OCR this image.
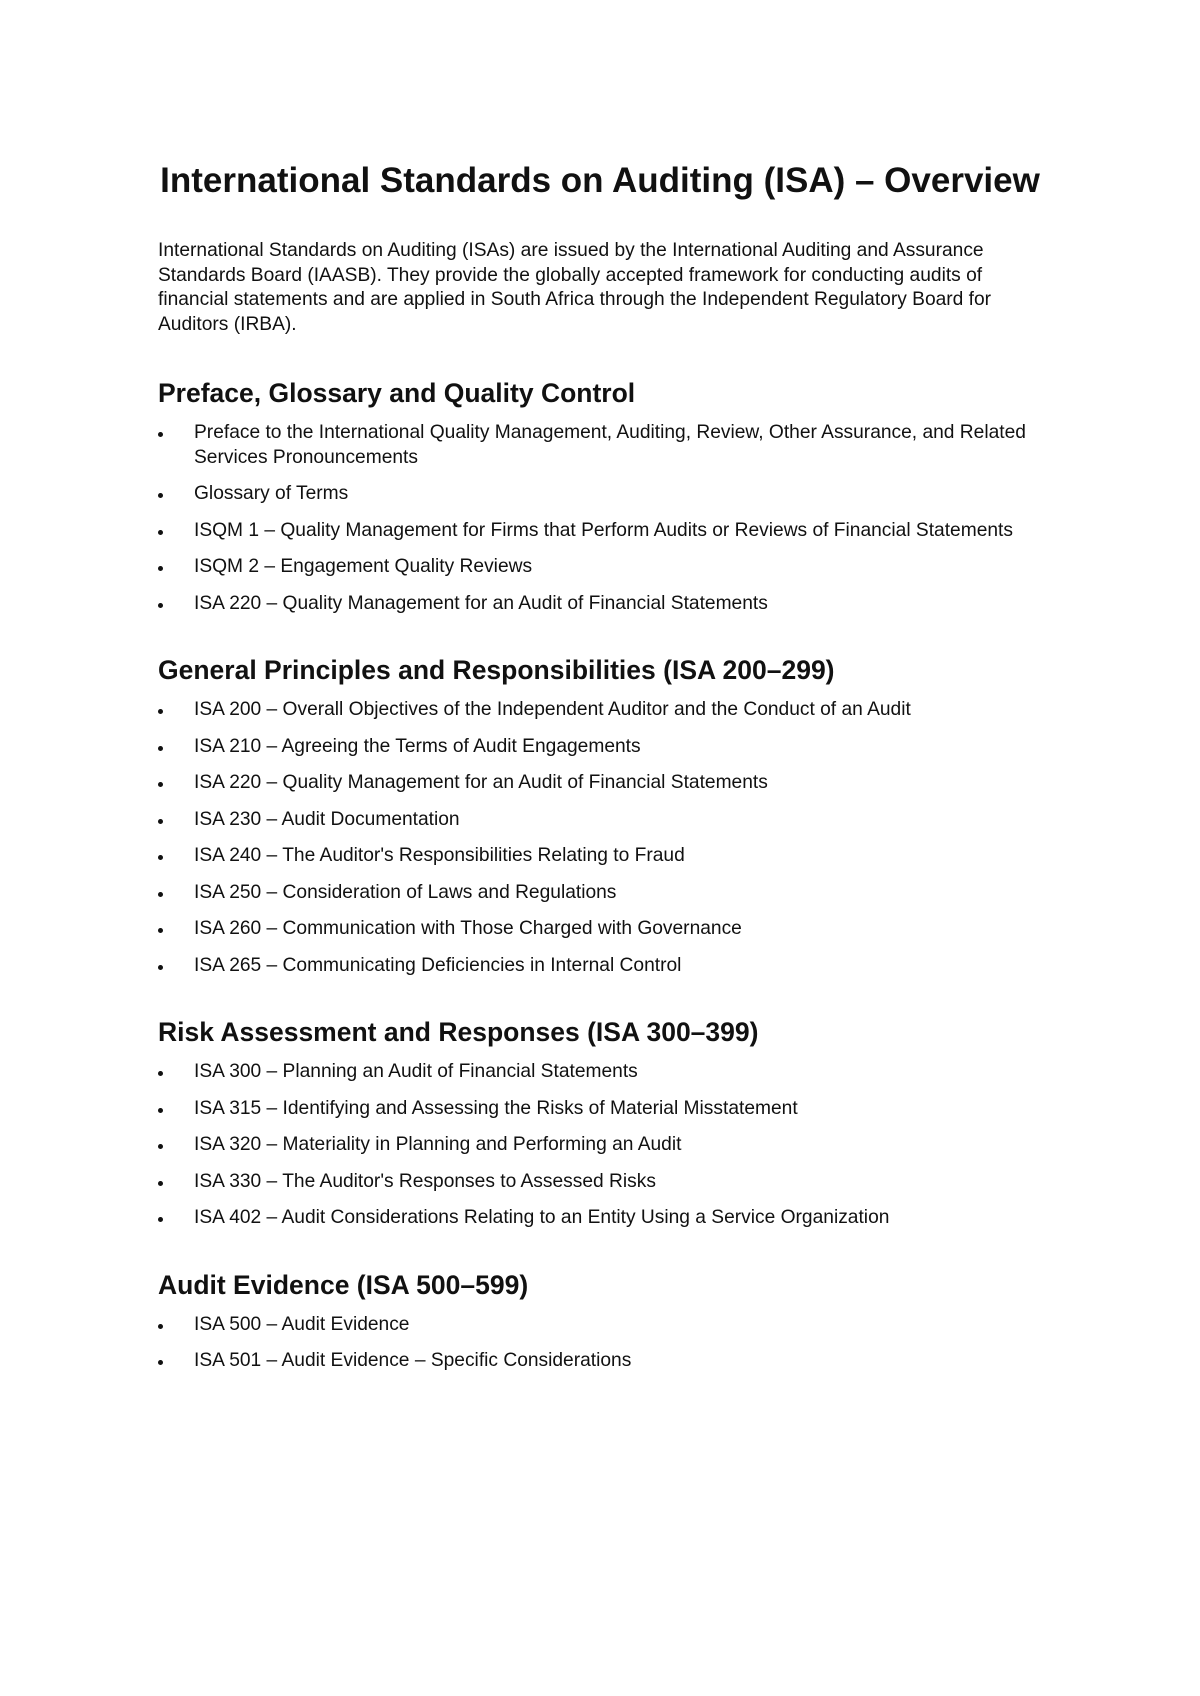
International Standards on Auditing (ISA) – Overview

International Standards on Auditing (ISAs) are issued by the International Auditing and Assurance Standards Board (IAASB). They provide the globally accepted framework for conducting audits of financial statements and are applied in South Africa through the Independent Regulatory Board for Auditors (IRBA).

Preface, Glossary and Quality Control
Preface to the International Quality Management, Auditing, Review, Other Assurance, and Related Services Pronouncements
Glossary of Terms
ISQM 1 – Quality Management for Firms that Perform Audits or Reviews of Financial Statements
ISQM 2 – Engagement Quality Reviews
ISA 220 – Quality Management for an Audit of Financial Statements
General Principles and Responsibilities (ISA 200–299)
ISA 200 – Overall Objectives of the Independent Auditor and the Conduct of an Audit
ISA 210 – Agreeing the Terms of Audit Engagements
ISA 220 – Quality Management for an Audit of Financial Statements
ISA 230 – Audit Documentation
ISA 240 – The Auditor's Responsibilities Relating to Fraud
ISA 250 – Consideration of Laws and Regulations
ISA 260 – Communication with Those Charged with Governance
ISA 265 – Communicating Deficiencies in Internal Control
Risk Assessment and Responses (ISA 300–399)
ISA 300 – Planning an Audit of Financial Statements
ISA 315 – Identifying and Assessing the Risks of Material Misstatement
ISA 320 – Materiality in Planning and Performing an Audit
ISA 330 – The Auditor's Responses to Assessed Risks
ISA 402 – Audit Considerations Relating to an Entity Using a Service Organization
Audit Evidence (ISA 500–599)
ISA 500 – Audit Evidence
ISA 501 – Audit Evidence – Specific Considerations
